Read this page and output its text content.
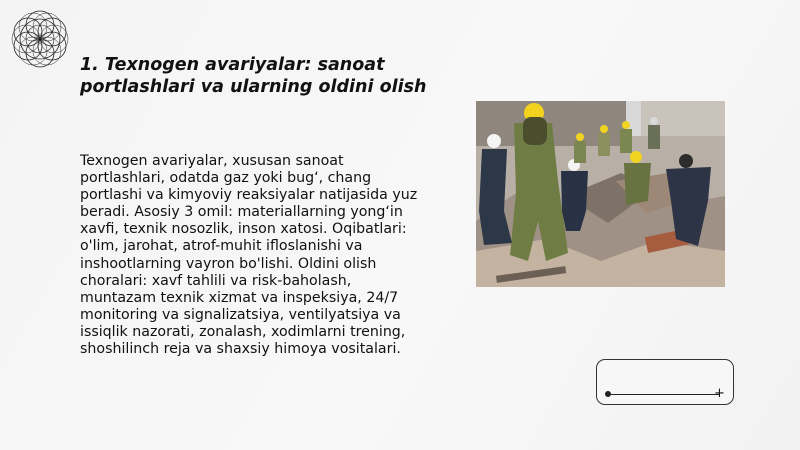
1. Texnogen avariyalar: sanoat portlashlari va ularning oldini olish

Texnogen avariyalar, xususan sanoat portlashlari, odatda gaz yoki bug‘, chang portlashi va kimyoviy reaksiyalar natijasida yuz beradi. Asosiy 3 omil: materiallarning yong‘in xavfi, texnik nosozlik, inson xatosi. Oqibatlari: o'lim, jarohat, atrof-muhit ifloslanishi va inshootlarning vayron bo'lishi. Oldini olish choralari: xavf tahlili va risk-baholash, muntazam texnik xizmat va inspeksiya, 24/7 monitoring va signalizatsiya, ventilyatsiya va issiqlik nazorati, zonalash, xodimlarni trening, shoshilinch reja va shaxsiy himoya vositalari.

+
